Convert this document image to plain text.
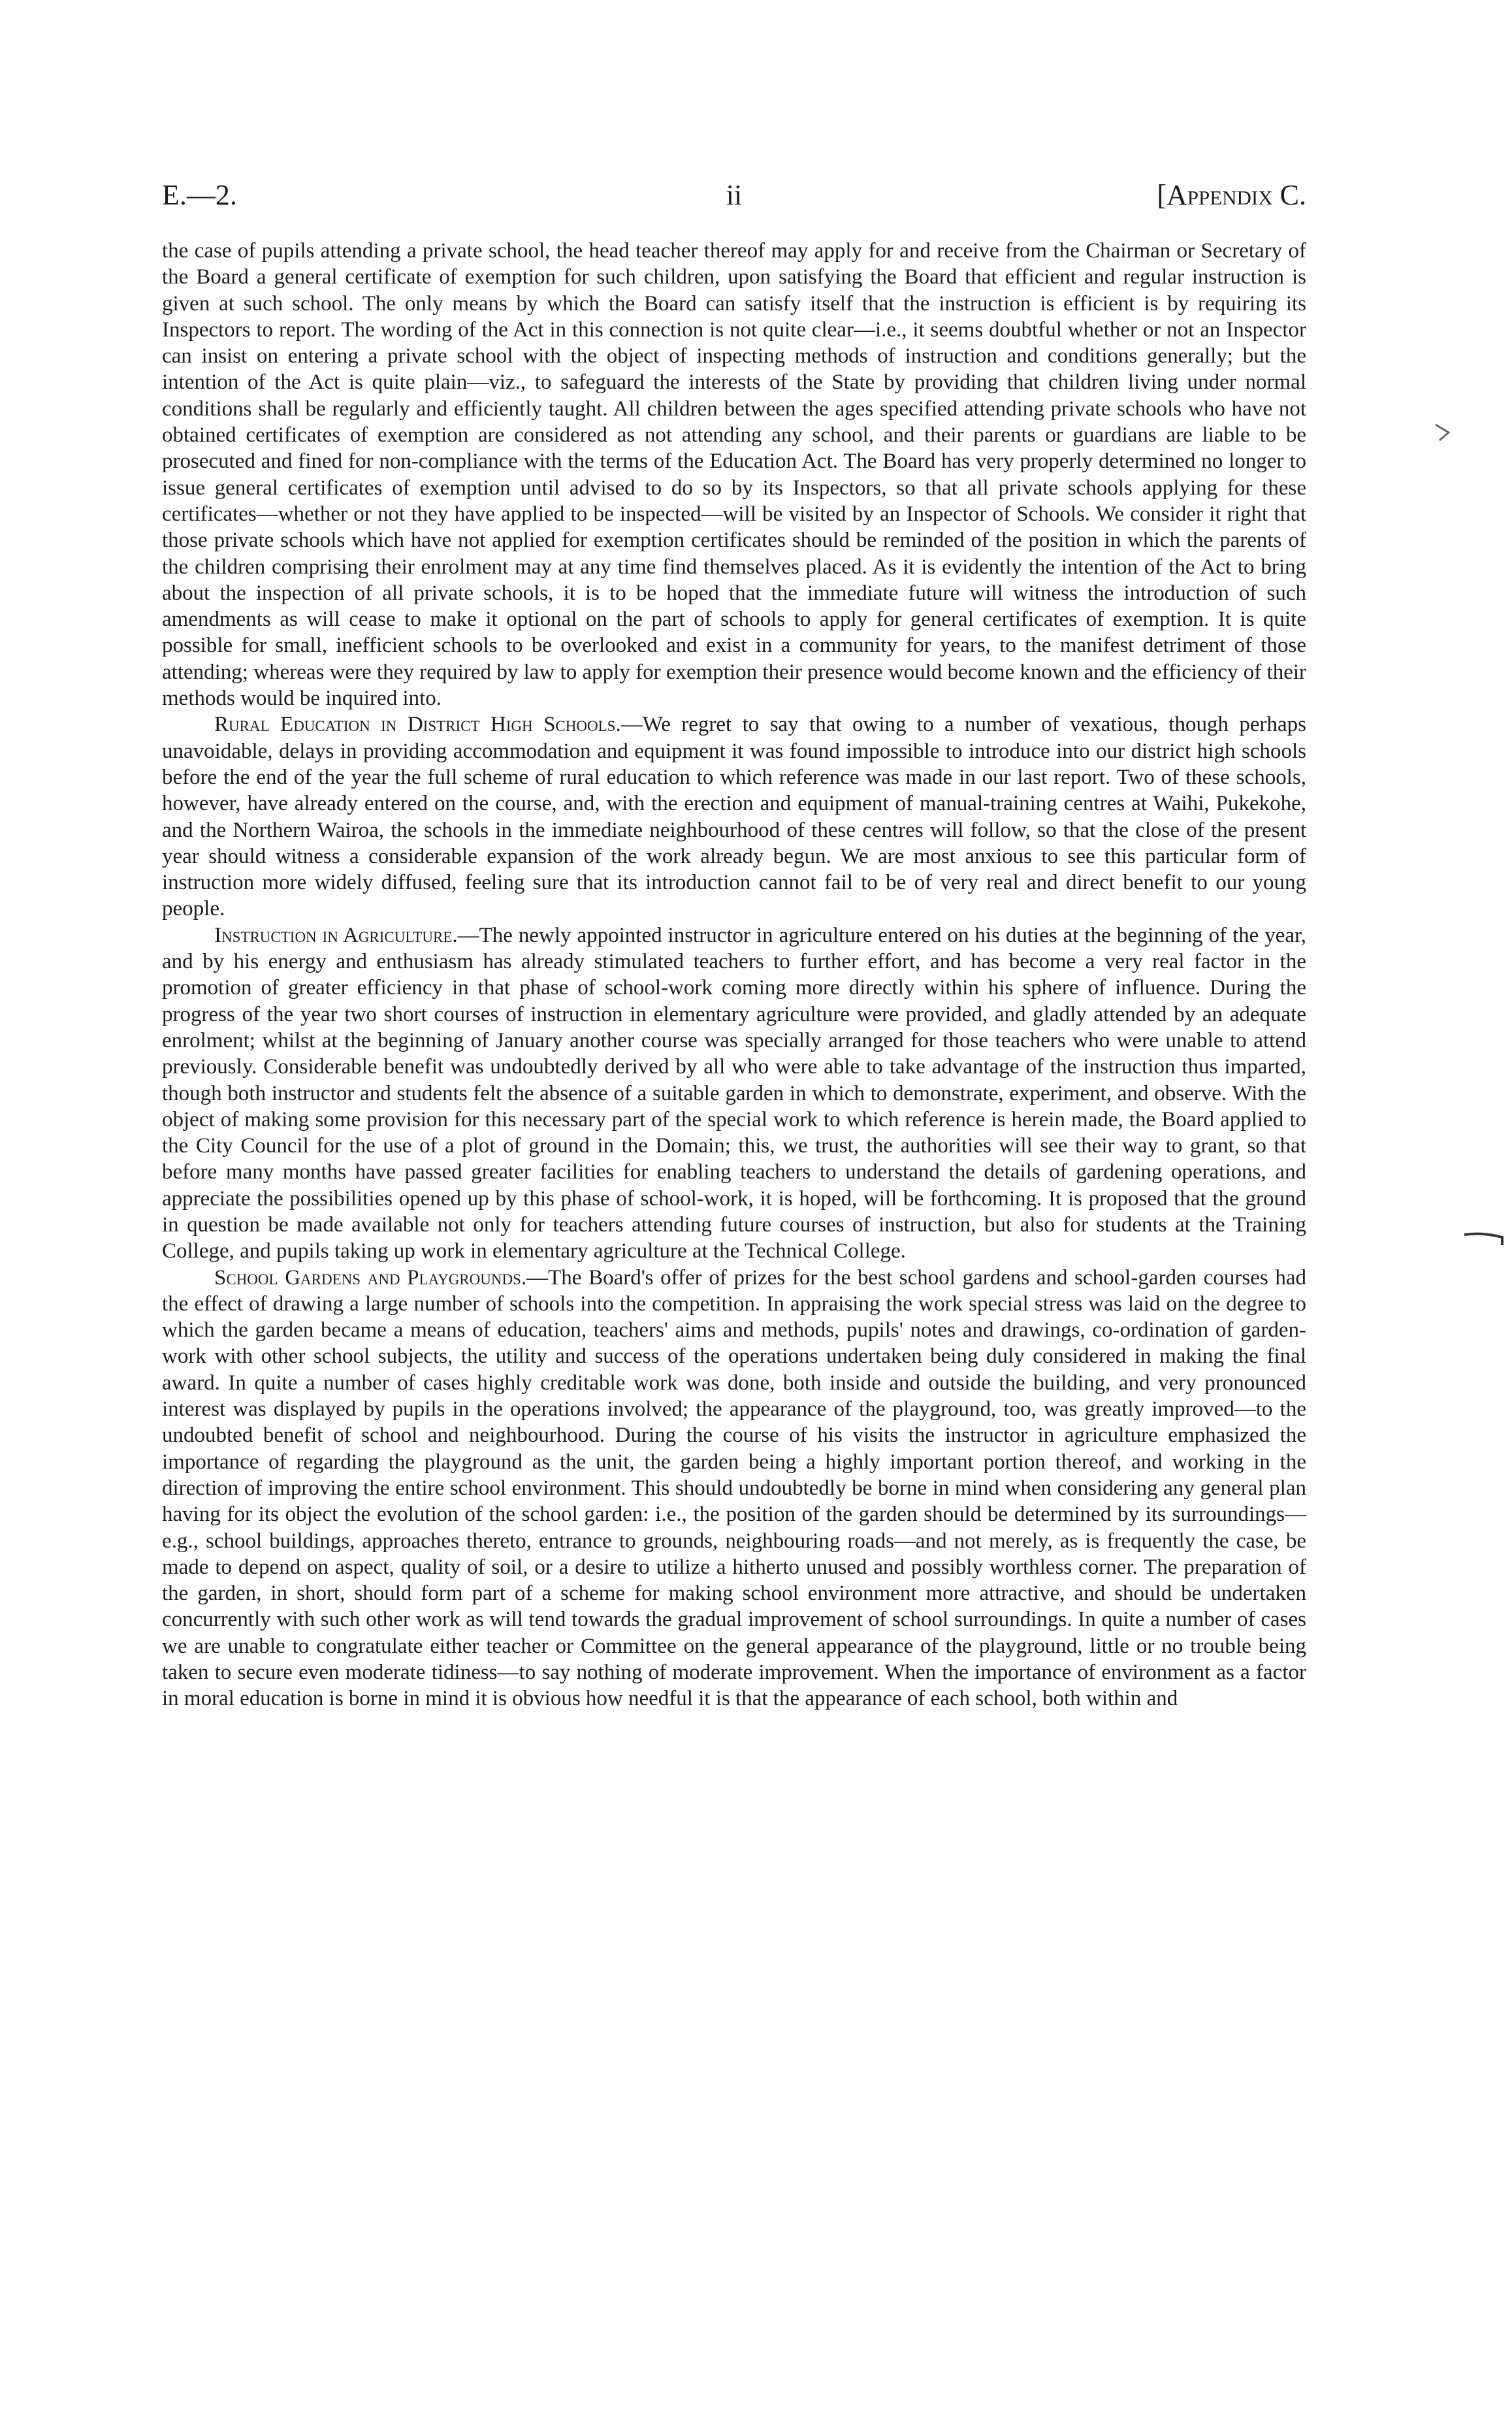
E.—2.	ii	[Appendix C.

the case of pupils attending a private school, the head teacher thereof may apply for and receive from the Chairman or Secretary of the Board a general certificate of exemption for such children, upon satisfying the Board that efficient and regular instruction is given at such school. The only means by which the Board can satisfy itself that the instruction is efficient is by requiring its Inspectors to report. The wording of the Act in this connection is not quite clear—i.e., it seems doubtful whether or not an Inspector can insist on entering a private school with the object of inspecting methods of instruction and conditions generally; but the intention of the Act is quite plain—viz., to safeguard the interests of the State by providing that children living under normal conditions shall be regularly and efficiently taught. All children between the ages specified attending private schools who have not obtained certificates of exemption are considered as not attending any school, and their parents or guardians are liable to be prosecuted and fined for non-compliance with the terms of the Education Act. The Board has very properly determined no longer to issue general certificates of exemption until advised to do so by its Inspectors, so that all private schools applying for these certificates—whether or not they have applied to be inspected—will be visited by an Inspector of Schools. We consider it right that those private schools which have not applied for exemption certificates should be reminded of the position in which the parents of the children comprising their enrolment may at any time find themselves placed. As it is evidently the intention of the Act to bring about the inspection of all private schools, it is to be hoped that the immediate future will witness the introduction of such amendments as will cease to make it optional on the part of schools to apply for general certificates of exemption. It is quite possible for small, inefficient schools to be overlooked and exist in a community for years, to the manifest detriment of those attending; whereas were they required by law to apply for exemption their presence would become known and the efficiency of their methods would be inquired into.

Rural Education in District High Schools.—We regret to say that owing to a number of vexatious, though perhaps unavoidable, delays in providing accommodation and equipment it was found impossible to introduce into our district high schools before the end of the year the full scheme of rural education to which reference was made in our last report. Two of these schools, however, have already entered on the course, and, with the erection and equipment of manual-training centres at Waihi, Pukekohe, and the Northern Wairoa, the schools in the immediate neighbourhood of these centres will follow, so that the close of the present year should witness a considerable expansion of the work already begun. We are most anxious to see this particular form of instruction more widely diffused, feeling sure that its introduction cannot fail to be of very real and direct benefit to our young people.

Instruction in Agriculture.—The newly appointed instructor in agriculture entered on his duties at the beginning of the year, and by his energy and enthusiasm has already stimulated teachers to further effort, and has become a very real factor in the promotion of greater efficiency in that phase of school-work coming more directly within his sphere of influence. During the progress of the year two short courses of instruction in elementary agriculture were provided, and gladly attended by an adequate enrolment; whilst at the beginning of January another course was specially arranged for those teachers who were unable to attend previously. Considerable benefit was undoubtedly derived by all who were able to take advantage of the instruction thus imparted, though both instructor and students felt the absence of a suitable garden in which to demonstrate, experiment, and observe. With the object of making some provision for this necessary part of the special work to which reference is herein made, the Board applied to the City Council for the use of a plot of ground in the Domain; this, we trust, the authorities will see their way to grant, so that before many months have passed greater facilities for enabling teachers to understand the details of gardening operations, and appreciate the possibilities opened up by this phase of school-work, it is hoped, will be forthcoming. It is proposed that the ground in question be made available not only for teachers attending future courses of instruction, but also for students at the Training College, and pupils taking up work in elementary agriculture at the Technical College.

School Gardens and Playgrounds.—The Board's offer of prizes for the best school gardens and school-garden courses had the effect of drawing a large number of schools into the competition. In appraising the work special stress was laid on the degree to which the garden became a means of education, teachers' aims and methods, pupils' notes and drawings, co-ordination of garden-work with other school subjects, the utility and success of the operations undertaken being duly considered in making the final award. In quite a number of cases highly creditable work was done, both inside and outside the building, and very pronounced interest was displayed by pupils in the operations involved; the appearance of the playground, too, was greatly improved—to the undoubted benefit of school and neighbourhood. During the course of his visits the instructor in agriculture emphasized the importance of regarding the playground as the unit, the garden being a highly important portion thereof, and working in the direction of improving the entire school environment. This should undoubtedly be borne in mind when considering any general plan having for its object the evolution of the school garden: i.e., the position of the garden should be determined by its surroundings—e.g., school buildings, approaches thereto, entrance to grounds, neighbouring roads—and not merely, as is frequently the case, be made to depend on aspect, quality of soil, or a desire to utilize a hitherto unused and possibly worthless corner. The preparation of the garden, in short, should form part of a scheme for making school environment more attractive, and should be undertaken concurrently with such other work as will tend towards the gradual improvement of school surroundings. In quite a number of cases we are unable to congratulate either teacher or Committee on the general appearance of the playground, little or no trouble being taken to secure even moderate tidiness—to say nothing of moderate improvement. When the importance of environment as a factor in moral education is borne in mind it is obvious how needful it is that the appearance of each school, both within and
